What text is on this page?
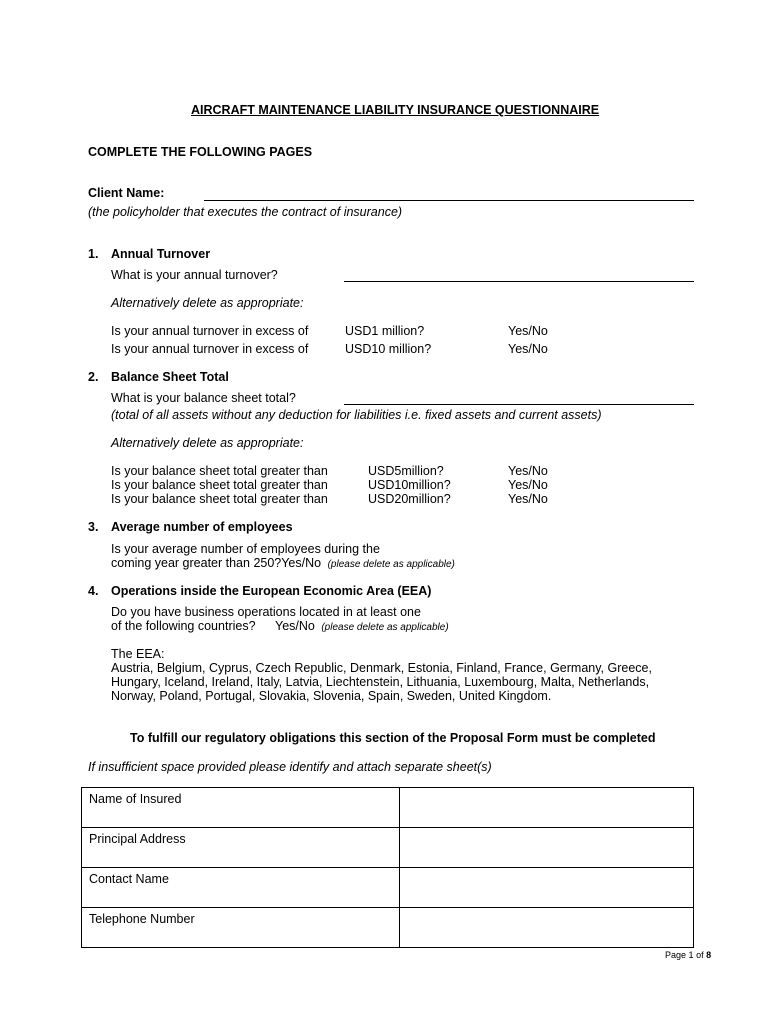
AIRCRAFT MAINTENANCE LIABILITY INSURANCE QUESTIONNAIRE
COMPLETE THE FOLLOWING PAGES
Client Name:
(the policyholder that executes the contract of insurance)
1. Annual Turnover
What is your annual turnover?
Alternatively delete as appropriate:
Is your annual turnover in excess of	USD1 million?	Yes/No
Is your annual turnover in excess of	USD10 million?	Yes/No
2. Balance Sheet Total
What is your balance sheet total?
(total of all assets without any deduction for liabilities i.e. fixed assets and current assets)
Alternatively delete as appropriate:
Is your balance sheet total greater than	USD5million?	Yes/No
Is your balance sheet total greater than	USD10million?	Yes/No
Is your balance sheet total greater than	USD20million?	Yes/No
3. Average number of employees
Is your average number of employees during the
coming year greater than 250?Yes/No (please delete as applicable)
4. Operations inside the European Economic Area (EEA)
Do you have business operations located in at least one
of the following countries? Yes/No (please delete as applicable)
The EEA:
Austria, Belgium, Cyprus, Czech Republic, Denmark, Estonia, Finland, France, Germany, Greece,
Hungary, Iceland, Ireland, Italy, Latvia, Liechtenstein, Lithuania, Luxembourg, Malta, Netherlands,
Norway, Poland, Portugal, Slovakia, Slovenia, Spain, Sweden, United Kingdom.
To fulfill our regulatory obligations this section of the Proposal Form must be completed
If insufficient space provided please identify and attach separate sheet(s)
Name of Insured	
Principal Address	
Contact Name	
Telephone Number	
Page 1 of 8
